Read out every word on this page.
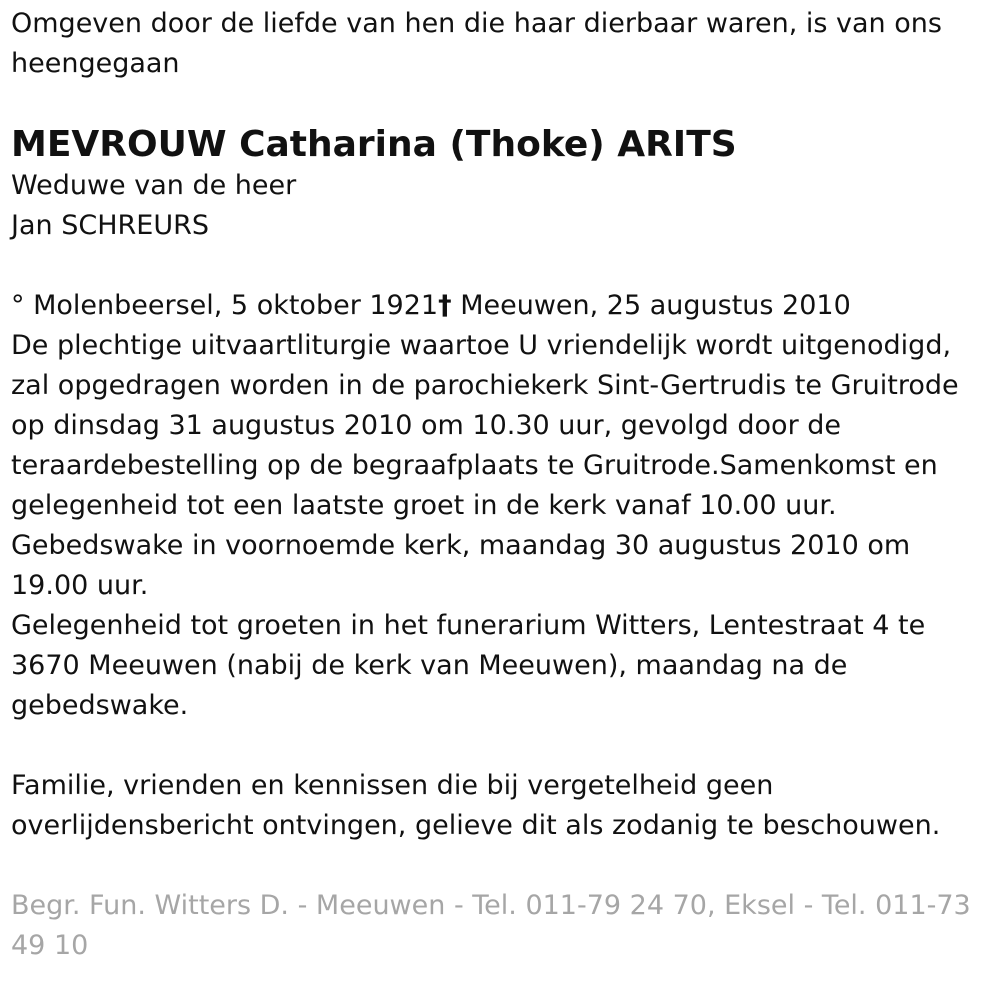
Omgeven door de liefde van hen die haar dierbaar waren, is van ons heengegaan

MEVROUW Catharina (Thoke) ARITS

Weduwe van de heer
Jan SCHREURS

° Molenbeersel, 5 oktober 1921† Meeuwen, 25 augustus 2010

De plechtige uitvaartliturgie waartoe U vriendelijk wordt uitgenodigd, zal opgedragen worden in de parochiekerk Sint-Gertrudis te Gruitrode op dinsdag 31 augustus 2010 om 10.30 uur, gevolgd door de teraardebestelling op de begraafplaats te Gruitrode.Samenkomst en gelegenheid tot een laatste groet in de kerk vanaf 10.00 uur.

Gebedswake in voornoemde kerk, maandag 30 augustus 2010 om 19.00 uur.

Gelegenheid tot groeten in het funerarium Witters, Lentestraat 4 te 3670 Meeuwen (nabij de kerk van Meeuwen), maandag na de gebedswake.

Familie, vrienden en kennissen die bij vergetelheid geen overlijdensbericht ontvingen, gelieve dit als zodanig te beschouwen.

Begr. Fun. Witters D. - Meeuwen - Tel. 011-79 24 70, Eksel - Tel. 011-73 49 10
